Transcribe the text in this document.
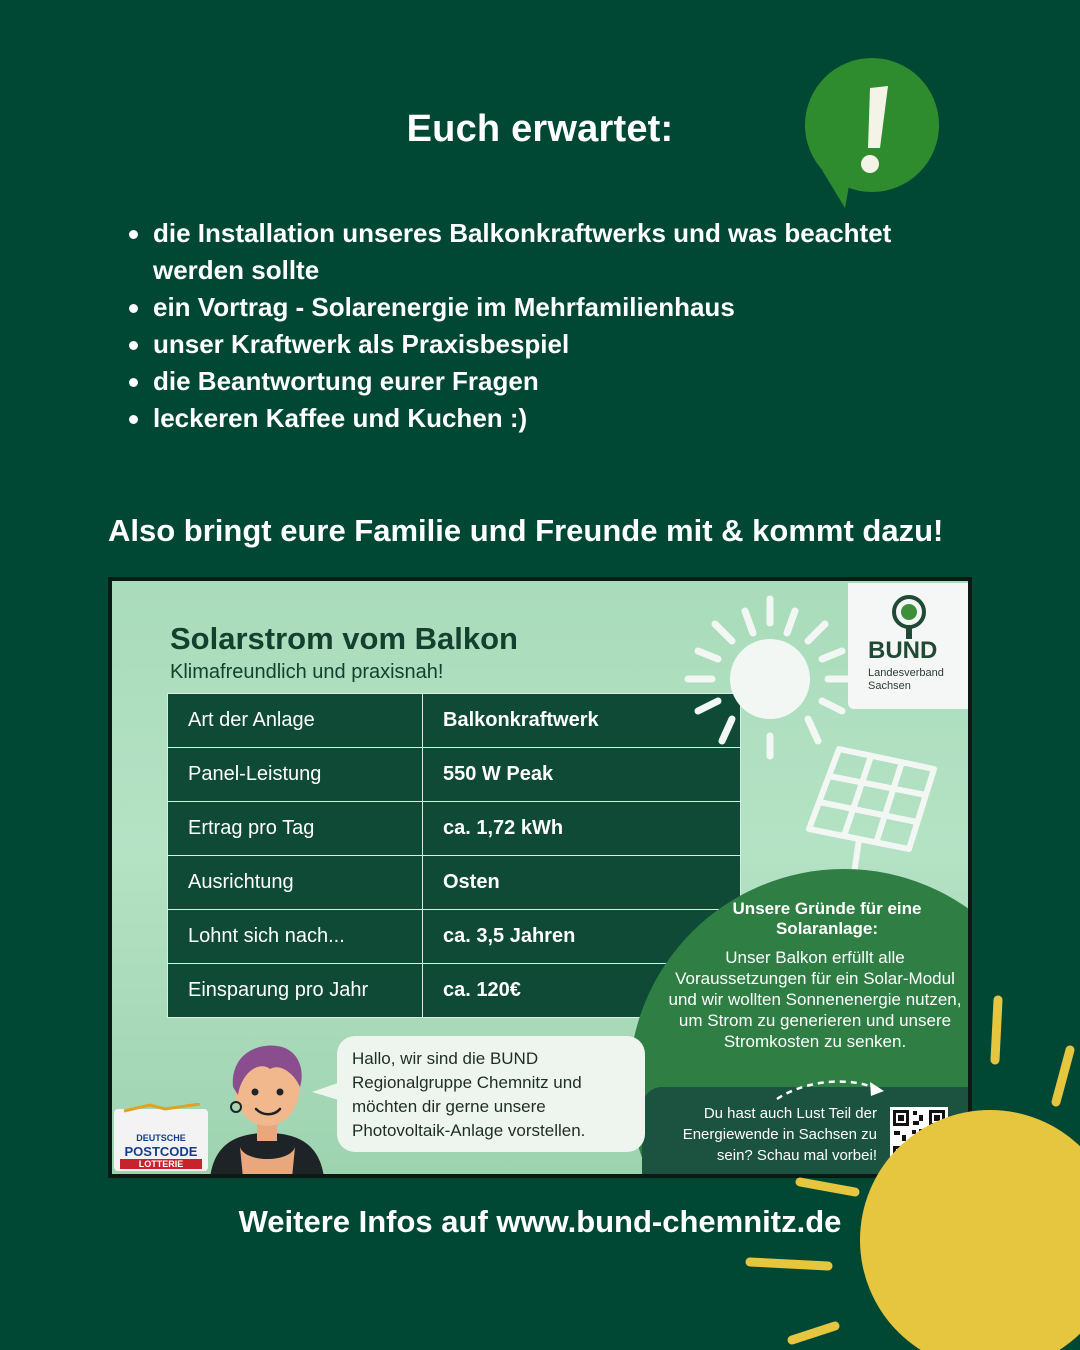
Euch erwartet:
die Installation unseres Balkonkraftwerks und was beachtet werden sollte
ein Vortrag - Solarenergie im Mehrfamilienhaus
unser Kraftwerk als Praxisbespiel
die Beantwortung eurer Fragen
leckeren Kaffee und Kuchen :)
Also bringt eure Familie und Freunde mit & kommt dazu!
Solarstrom vom Balkon
Klimafreundlich und praxisnah!
Art der Anlage	Balkonkraftwerk
Panel-Leistung	550 W Peak
Ertrag pro Tag	ca. 1,72 kWh
Ausrichtung	Osten
Lohnt sich nach...	ca. 3,5 Jahren
Einsparung pro Jahr	ca. 120€
BUND
Landesverband Sachsen
Unsere Gründe für eine Solaranlage:
Unser Balkon erfüllt alle Voraussetzungen für ein Solar-Modul und wir wollten Sonnenenergie nutzen, um Strom zu generieren und unsere Stromkosten zu senken.
Du hast auch Lust Teil der Energiewende in Sachsen zu sein? Schau mal vorbei!
Hallo, wir sind die BUND Regionalgruppe Chemnitz und möchten dir gerne unsere Photovoltaik-Anlage vorstellen.
DEUTSCHE
POSTCODE
LOTTERIE
Weitere Infos auf www.bund-chemnitz.de
